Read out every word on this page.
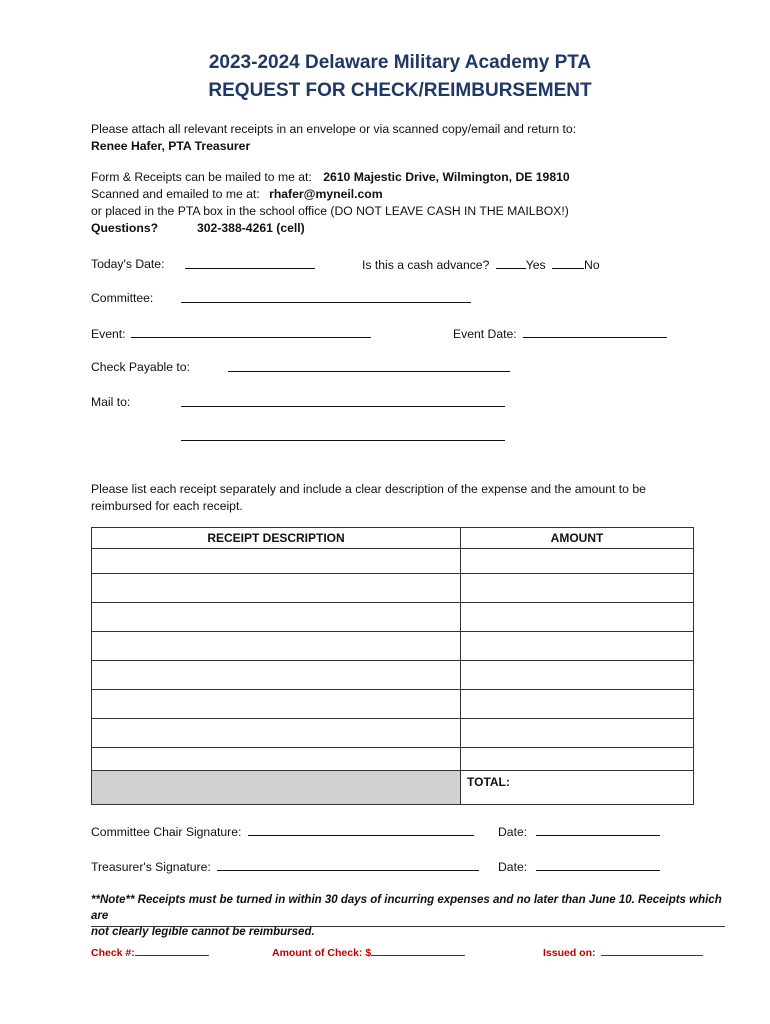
2023-2024 Delaware Military Academy PTA
REQUEST FOR CHECK/REIMBURSEMENT
Please attach all relevant receipts in an envelope or via scanned copy/email and return to:
Renee Hafer, PTA Treasurer
Form & Receipts can be mailed to me at: 2610 Majestic Drive, Wilmington, DE 19810
Scanned and emailed to me at: rhafer@myneil.com
or placed in the PTA box in the school office (DO NOT LEAVE CASH IN THE MAILBOX!)
Questions?	302-388-4261 (cell)
Today's Date:	Is this a cash advance?	Yes	No
Committee:
Event:	Event Date:
Check Payable to:
Mail to:
Please list each receipt separately and include a clear description of the expense and the amount to be
reimbursed for each receipt.
RECEIPT DESCRIPTION	AMOUNT

	TOTAL:
Committee Chair Signature:	Date:
Treasurer's Signature:	Date:
**Note** Receipts must be turned in within 30 days of incurring expenses and no later than June 10. Receipts which are
not clearly legible cannot be reimbursed.
Check #:	Amount of Check: $	Issued on:
